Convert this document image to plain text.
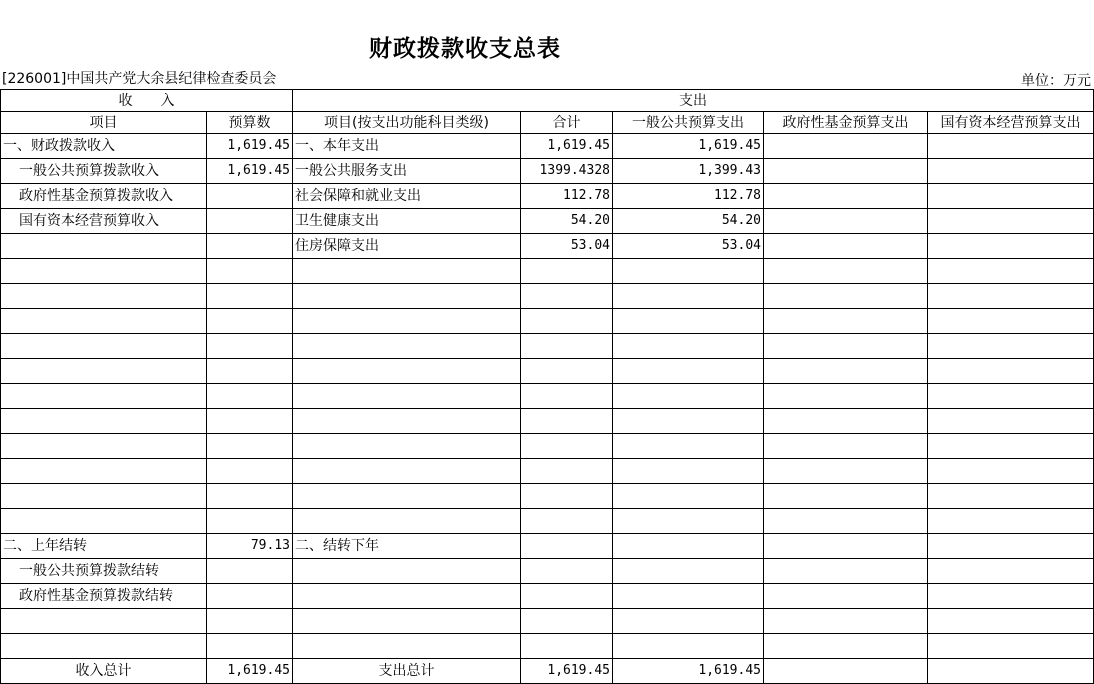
财政拨款收支总表
[226001]中国共产党大余县纪律检查委员会	单位：万元
收　　入		支出				
项目	预算数	项目(按支出功能科目类级)	合计	一般公共预算支出	政府性基金预算支出	国有资本经营预算支出
一、财政拨款收入	1,619.45	一、本年支出	1,619.45	1,619.45		
一般公共预算拨款收入	1,619.45	一般公共服务支出	1399.4328	1,399.43		
政府性基金预算拨款收入		社会保障和就业支出	112.78	112.78		
国有资本经营预算收入		卫生健康支出	54.20	54.20		
		住房保障支出	53.04	53.04		

二、上年结转	79.13	二、结转下年				
一般公共预算拨款结转						
政府性基金预算拨款结转						

收入总计	1,619.45	支出总计	1,619.45	1,619.45		
